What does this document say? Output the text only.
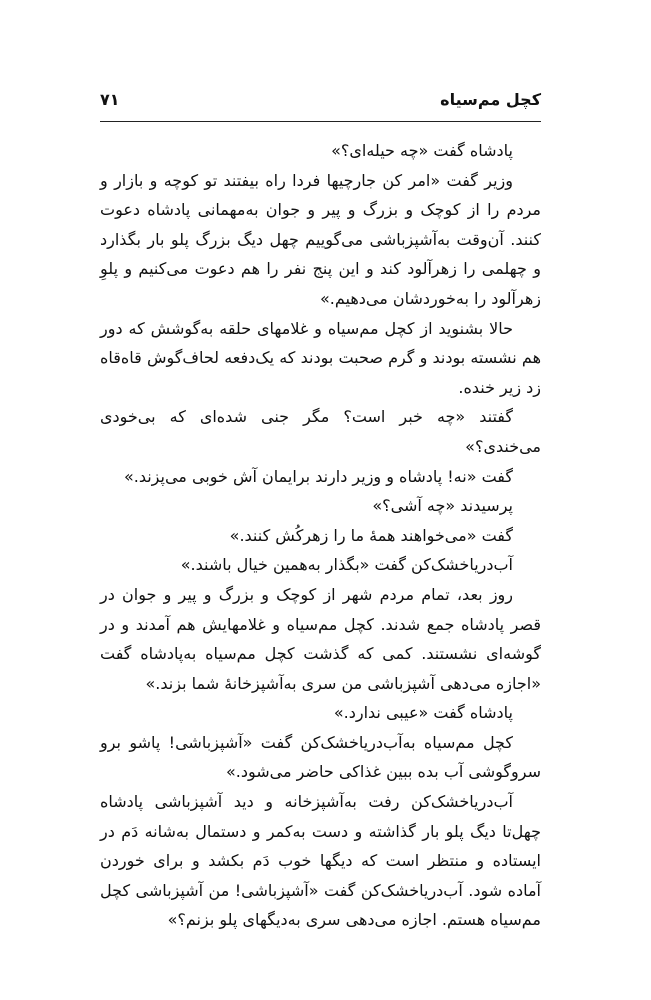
کچل مم‌سیاه
۷۱

پادشاه گفت «چه حیله‌ای؟»

وزیر گفت «امر کن جارچیها فردا راه بیفتند تو کوچه و بازار و مردم را از کوچک و بزرگ و پیر و جوان به‌مهمانی پادشاه دعوت کنند. آن‌وقت به‌آشپزباشی می‌گوییم چهل دیگ بزرگ پلو بار بگذارد و چهلمی را زهرآلود کند و این پنج نفر را هم دعوت می‌کنیم و پلوِ زهرآلود را به‌خوردشان می‌دهیم.»

حالا بشنوید از کچل مم‌سیاه و غلامهای حلقه به‌گوشش که دور هم نشسته بودند و گرم صحبت بودند که یک‌دفعه لحاف‌گوش قاه‌قاه زد زیر خنده.

گفتند «چه خبر است؟ مگر جنی شده‌ای که بی‌خودی می‌خندی؟»

گفت «نه! پادشاه و وزیر دارند برایمان آش خوبی می‌پزند.»

پرسیدند «چه آشی؟»

گفت «می‌خواهند همهٔ ما را زهرکُش کنند.»

آب‌دریاخشک‌کن گفت «بگذار به‌همین خیال باشند.»

روز بعد، تمام مردم شهر از کوچک و بزرگ و پیر و جوان در قصر پادشاه جمع شدند. کچل مم‌سیاه و غلامهایش هم آمدند و در گوشه‌ای نشستند. کمی که گذشت کچل مم‌سیاه به‌پادشاه گفت «اجازه می‌دهی آشپزباشی من سری به‌آشپزخانهٔ شما بزند.»

پادشاه گفت «عیبی ندارد.»

کچل مم‌سیاه به‌آب‌دریاخشک‌کن گفت «آشپزباشی! پاشو برو سروگوشی آب بده ببین غذاکی حاضر می‌شود.»

آب‌دریاخشک‌کن رفت به‌آشپزخانه و دید آشپزباشی پادشاه چهل‌تا دیگ پلو بار گذاشته و دست به‌کمر و دستمال به‌شانه دَم در ایستاده و منتظر است که دیگها خوب دَم بکشد و برای خوردن آماده شود. آب‌دریاخشک‌کن گفت «آشپزباشی! من آشپزباشی کچل مم‌سیاه هستم. اجازه می‌دهی سری به‌دیگهای پلو بزنم؟»
